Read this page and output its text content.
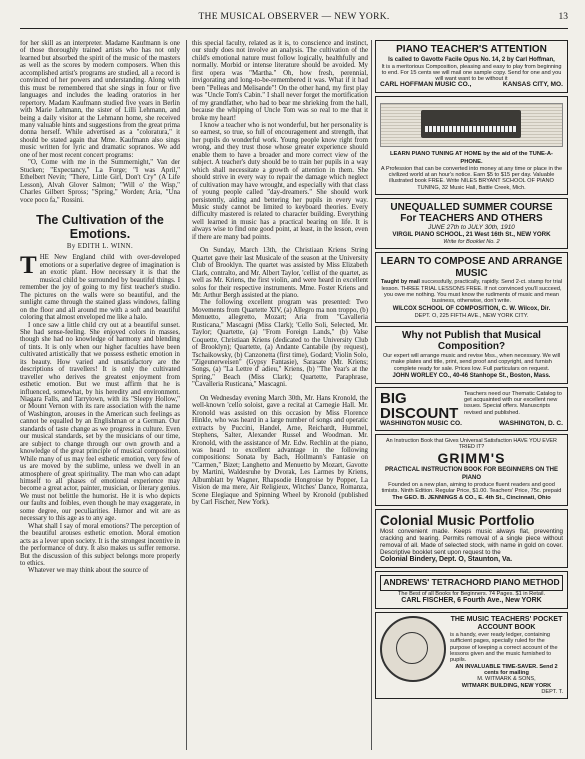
THE MUSICAL OBSERVER — NEW YORK.	13

for her skill as an interpreter. Madame Kaufmann is one of those thoroughly trained artists who has not only learned but absorbed the spirit of the music of the masters as well as the scores by modern composers. When this accomplished artist's programs are studied, all a record is convinced of her powers and understanding. Along with this must be remembered that she sings in four or five languages and includes the leading oratorios in her repertory. Madam Kaufmann studied five years in Berlin with Marie Lehmann, the sister of Lilli Lehmann, and being a daily visitor at the Lehmann home, she received many valuable hints and suggestions from the great prima donna herself. While advertised as a "coloratura," it should be stated again that Mme. Kaufmann also sings music written for lyric and dramatic sopranos. We add one of her most recent concert programs:

"O, Come with me in the Summernight," Van der Stucken; "Expectancy," La Forge; "I was April," Ethelbert Nevin; "There, Little Girl, Don't Cry" (A Life Lesson), Alvah Glover Salmon; "Will o' the Wisp," Charles Gilbert Spross; "Spring," Worden; Aria, "Una voce poco fa," Rossini.

The Cultivation of the Emotions.
By EDITH L. WINN.

THE New England child with over-developed emotions or a superlative degree of imagination is an exotic plant. How necessary it is that the musical child be surrounded by beautiful things. I remember the joy of going to my first teacher's studio. The pictures on the walls were so beautiful, and the sunlight came through the stained glass windows, falling on the floor and all around me with a soft and beautiful coloring that almost enveloped me like a halo.

I once saw a little child cry out at a beautiful sunset. She had sense-feeling. She enjoyed colors in masses, though she had no knowledge of harmony and blending of tints. It is only when our higher faculties have been cultivated artistically that we possess esthetic emotion in its beauty. How varied and unsatisfactory are the descriptions of travellers! It is only the cultivated traveller who derives the greatest enjoyment from esthetic emotion. But we must affirm that he is influenced, somewhat, by his heredity and environment. Niagara Falls, and Tarrytown, with its "Sleepy Hollow," or Mount Vernon with its rare association with the name of Washington, arouses in the American such feelings as cannot be equalled by an Englishman or a German. Our standards of taste change as we progress in culture. Even our musical standards, set by the musicians of our time, are subject to change through our own growth and a knowledge of the great principle of musical composition. While many of us may feel esthetic emotion, very few of us are moved by the sublime, unless we dwell in an atmosphere of great spirituality. The man who can adapt himself to all phases of emotional experience may become a great actor, painter, musician, or literary genius. We must not belittle the humorist. He it is who depicts our faults and foibles, even though he may exaggerate, in some degree, our peculiarities. Humor and wit are as necessary to this age as to any age.

What shall I say of moral emotions? The perception of the beautiful arouses esthetic emotion. Moral emotion acts as a lever upon society. It is the strongest incentive in the performance of duty. It also makes us suffer remorse. But the discussion of this subject belongs more properly to ethics.

Whatever we may think about the source of

this special faculty, related as it is, to conscience and instinct, our study does not involve an analysis. The cultivation of the child's emotional nature must follow logically, healthfully and normally. Morbid or intense literature should be avoided. My first opera was "Martha." Oh, how fresh, perennial, invigorating and long-to-be-remembered it was. What if it had been "Pelleas and Melisande"! On the other hand, my first play was "Uncle Tom's Cabin." I shall never forget the mortification of my grandfather, who had to bear me shrieking from the hall, because the whipping of Uncle Tom was so real to me that it broke my heart!

I know a teacher who is not wonderful, but her personality is so earnest, so true, so full of encouragement and strength, that her pupils do wonderful work. Young people know right from wrong, and they trust those whose greater experience should enable them to have a broader and more correct view of the subject. A teacher's duty should be to train her pupils in a way which shall necessitate a growth of attention in them. She should strive in every way to repair the damage which neglect of cultivation may have wrought, and especially with that class of young people called "day-dreamers." She should work persistently, aiding and bettering her pupils in every way. Music study cannot be limited to keyboard theories. Every difficulty mastered is related to character building. Everything well learned in music has a practical bearing on life. It is always wise to find one good point, at least, in the lesson, even if there are many bad points.

On Sunday, March 13th, the Christiaan Kriens String Quartet gave their last Musicale of the season at the University Club of Brooklyn. The quartet was assisted by Miss Elizabeth Clark, contralto, and Mr. Albert Taylor, 'cellist of the quartet, as well as Mr. Kriens, the first violin, and were heard in excellent solos for their respective instruments. Mme. Foster Kriens and Mr. Arthur Bergh assisted at the piano.

The following excellent program was presented: Two Movements from Quartette XIV, (a) Allegro ma non troppo, (b) Menuetto, allegretto, Mozart; Aria from "Cavalleria Rusticana," Mascagni (Miss Clark); 'Cello Soli, Selected, Mr. Taylor; Quartette, (a) "From Foreign Lands," (b) Valse Coquette, Christiaan Kriens (dedicated to the University Club of Brooklyn); Quartette, (a) Andante Cantabile (by request), Tschaikowsky, (b) Canzonetta (first time), Godard; Violin Solo, "Zigeunerweisen" (Gypsy Fantasie), Sarasate (Mr. Kriens; Songs, (a) "La Lettre d' adieu," Kriens, (b) "The Year's at the Spring," Beach (Miss Clark); Quartette, Paraphrase, "Cavalleria Rusticana," Mascagni.

On Wednesday evening March 30th, Mr. Hans Kronold, the well-known 'cello soloist, gave a recital at Carnegie Hall. Mr. Kronold was assisted on this occasion by Miss Florence Hinkle, who was heard in a large number of songs and operatic extracts by Puccini, Handel, Arne, Reichardt, Hummel, Stephens, Salter, Alexander Russel and Woodman. Mr. Kronold, with the assistance of Mr. Edw. Rechlin at the piano, was heard to excellent advantage in the following compositions: Sonata by Bach, Hollmann's Fantasie on "Carmen," Bizet; Langhetto and Menuetto by Mozart, Gavotte by Martini, Waldesruhe by Dvorak, Les Larmes by Kriens, Albumblatt by Wagner, Rhapsodie Hongroise by Popper, La Vision de ma mere, Air Religieux, Witches' Dance, Romanza, Scene Elegiaque and Spinning Wheel by Kronold (published by Carl Fischer, New York).

PIANO TEACHER'S ATTENTION
Is called to Gavotte Facile Opus No. 14, 2 by Carl Hoffman,
It is a meritorious Composition, pleasing and easy to play from beginning to end. For 15 cents we will mail one sample copy. Send for one and you will want want to be without it
CARL HOFFMAN MUSIC CO.,	KANSAS CITY, MO.
LEARN PIANO TUNING AT HOME by the aid of the TUNE-A-PHONE.
A Profession that can be converted into money at any time or place in the civilized world at an hour's notice. Earn $5 to $15 per day. Valuable illustrated book FREE. Write NILES BRYANT SCHOOL OF PIANO TUNING, 32 Music Hall, Battle Creek, Mich.
UNEQUALLED SUMMER COURSE
For TEACHERS AND OTHERS
JUNE 27th to JULY 30th, 1910
VIRGIL PIANO SCHOOL, 21 West 16th St., NEW YORK
Write for Booklet No. 2
LEARN TO COMPOSE AND ARRANGE MUSIC
Taught by mail successfully, practically, rapidly. Send 2-ct. stamp for trial lesson. THREE TRIAL LESSONS FREE. If not convinced you'll succeed, you owe me nothing. You must know the rudiments of music and mean business, otherwise, don't write.
WILCOX SCHOOL OF COMPOSITION, C. W. Wilcox, Dir.
DEPT. O, 225 FIFTH AVE., NEW YORK CITY.
Why not Publish that Musical Composition?
Our expert will arrange music and revise Mss., when necessary. We will make plates and title, print, send proof and copyright, and furnish complete ready for sale. Prices low. Full particulars on request.
JOHN WORLEY CO., 40-46 Stanhope St., Boston, Mass.
BIG DISCOUNT
Teachers need our Thematic Catalog to get acquainted with our excellent new issues. Special offers. Manuscripts revised and published.
WASHINGTON MUSIC CO.	WASHINGTON, D. C.
An Instruction Book that Gives Universal Satisfaction HAVE YOU EVER TRIED IT?
GRIMM'S
PRACTICAL INSTRUCTION BOOK FOR BEGINNERS ON THE PIANO
Founded on a new plan, aiming to produce fluent readers and good timists. Ninth Edition. Regular Price, $1.00. Teachers' Price, 75c. prepaid
The GEO. B. JENNINGS & CO., E. 4th St., Cincinnati, Ohio
Colonial Music Portfolio
Most convenient made. Keeps music always flat, preventing cracking and tearing. Permits removal of a single piece without removal of all. Made of selected stock, with name in gold on cover. Descriptive booklet sent upon request to the
Colonial Bindery, Dept. O, Staunton, Va.
ANDREWS' TETRACHORD PIANO METHOD
The Best of all Books for Beginners. 74 Pages. $1 in Retail.
CARL FISCHER, 6 Fourth Ave., New YORK
THE MUSIC TEACHERS' POCKET ACCOUNT BOOK
is a handy, ever ready ledger, containing sufficient pages, specially ruled for the purpose of keeping a correct account of the lessons given and the music furnished to pupils.
AN INVALUABLE TIME-SAVER. Send 2 cents for mailing
M. WITMARK & SONS,
WITMARK BUILDING, NEW YORK
DEPT. T.
